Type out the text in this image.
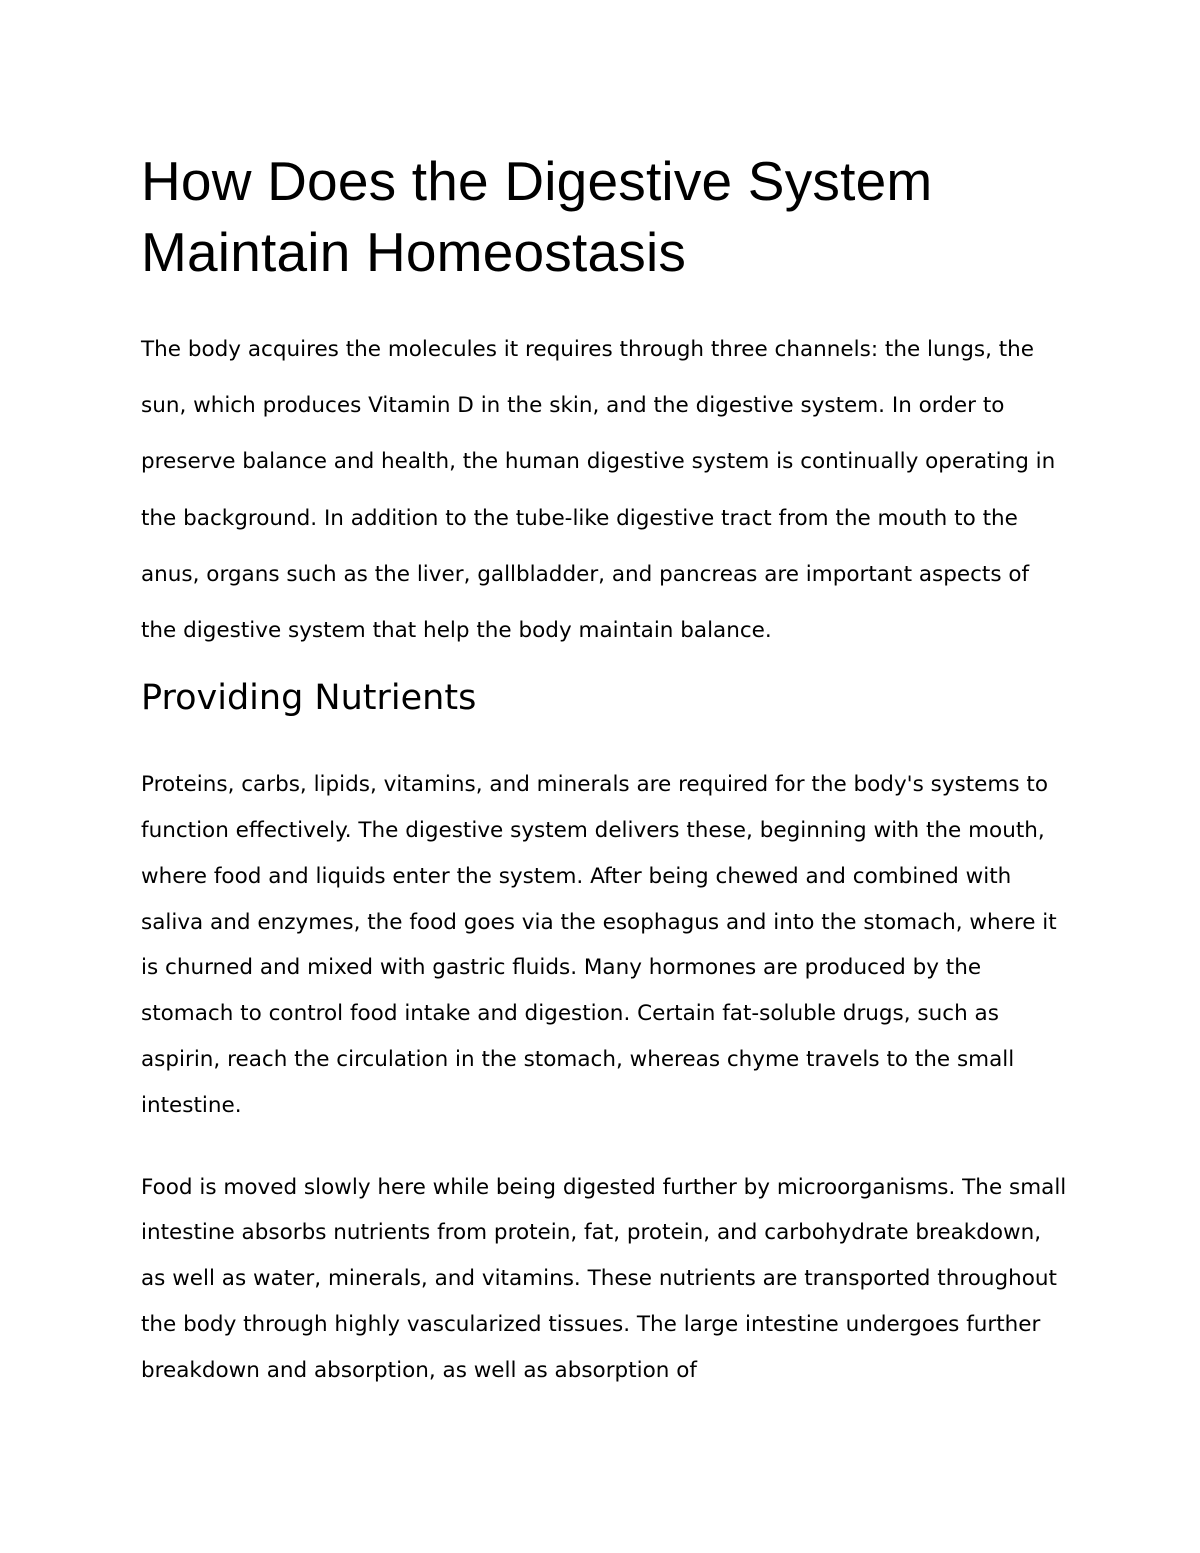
How Does the Digestive System Maintain Homeostasis

The body acquires the molecules it requires through three channels: the lungs, the sun, which produces Vitamin D in the skin, and the digestive system. In order to preserve balance and health, the human digestive system is continually operating in the background. In addition to the tube-like digestive tract from the mouth to the anus, organs such as the liver, gallbladder, and pancreas are important aspects of the digestive system that help the body maintain balance.

Providing Nutrients

Proteins, carbs, lipids, vitamins, and minerals are required for the body's systems to function effectively. The digestive system delivers these, beginning with the mouth, where food and liquids enter the system. After being chewed and combined with saliva and enzymes, the food goes via the esophagus and into the stomach, where it is churned and mixed with gastric fluids. Many hormones are produced by the stomach to control food intake and digestion. Certain fat-soluble drugs, such as aspirin, reach the circulation in the stomach, whereas chyme travels to the small intestine.

Food is moved slowly here while being digested further by microorganisms. The small intestine absorbs nutrients from protein, fat, protein, and carbohydrate breakdown, as well as water, minerals, and vitamins. These nutrients are transported throughout the body through highly vascularized tissues. The large intestine undergoes further breakdown and absorption, as well as absorption of
